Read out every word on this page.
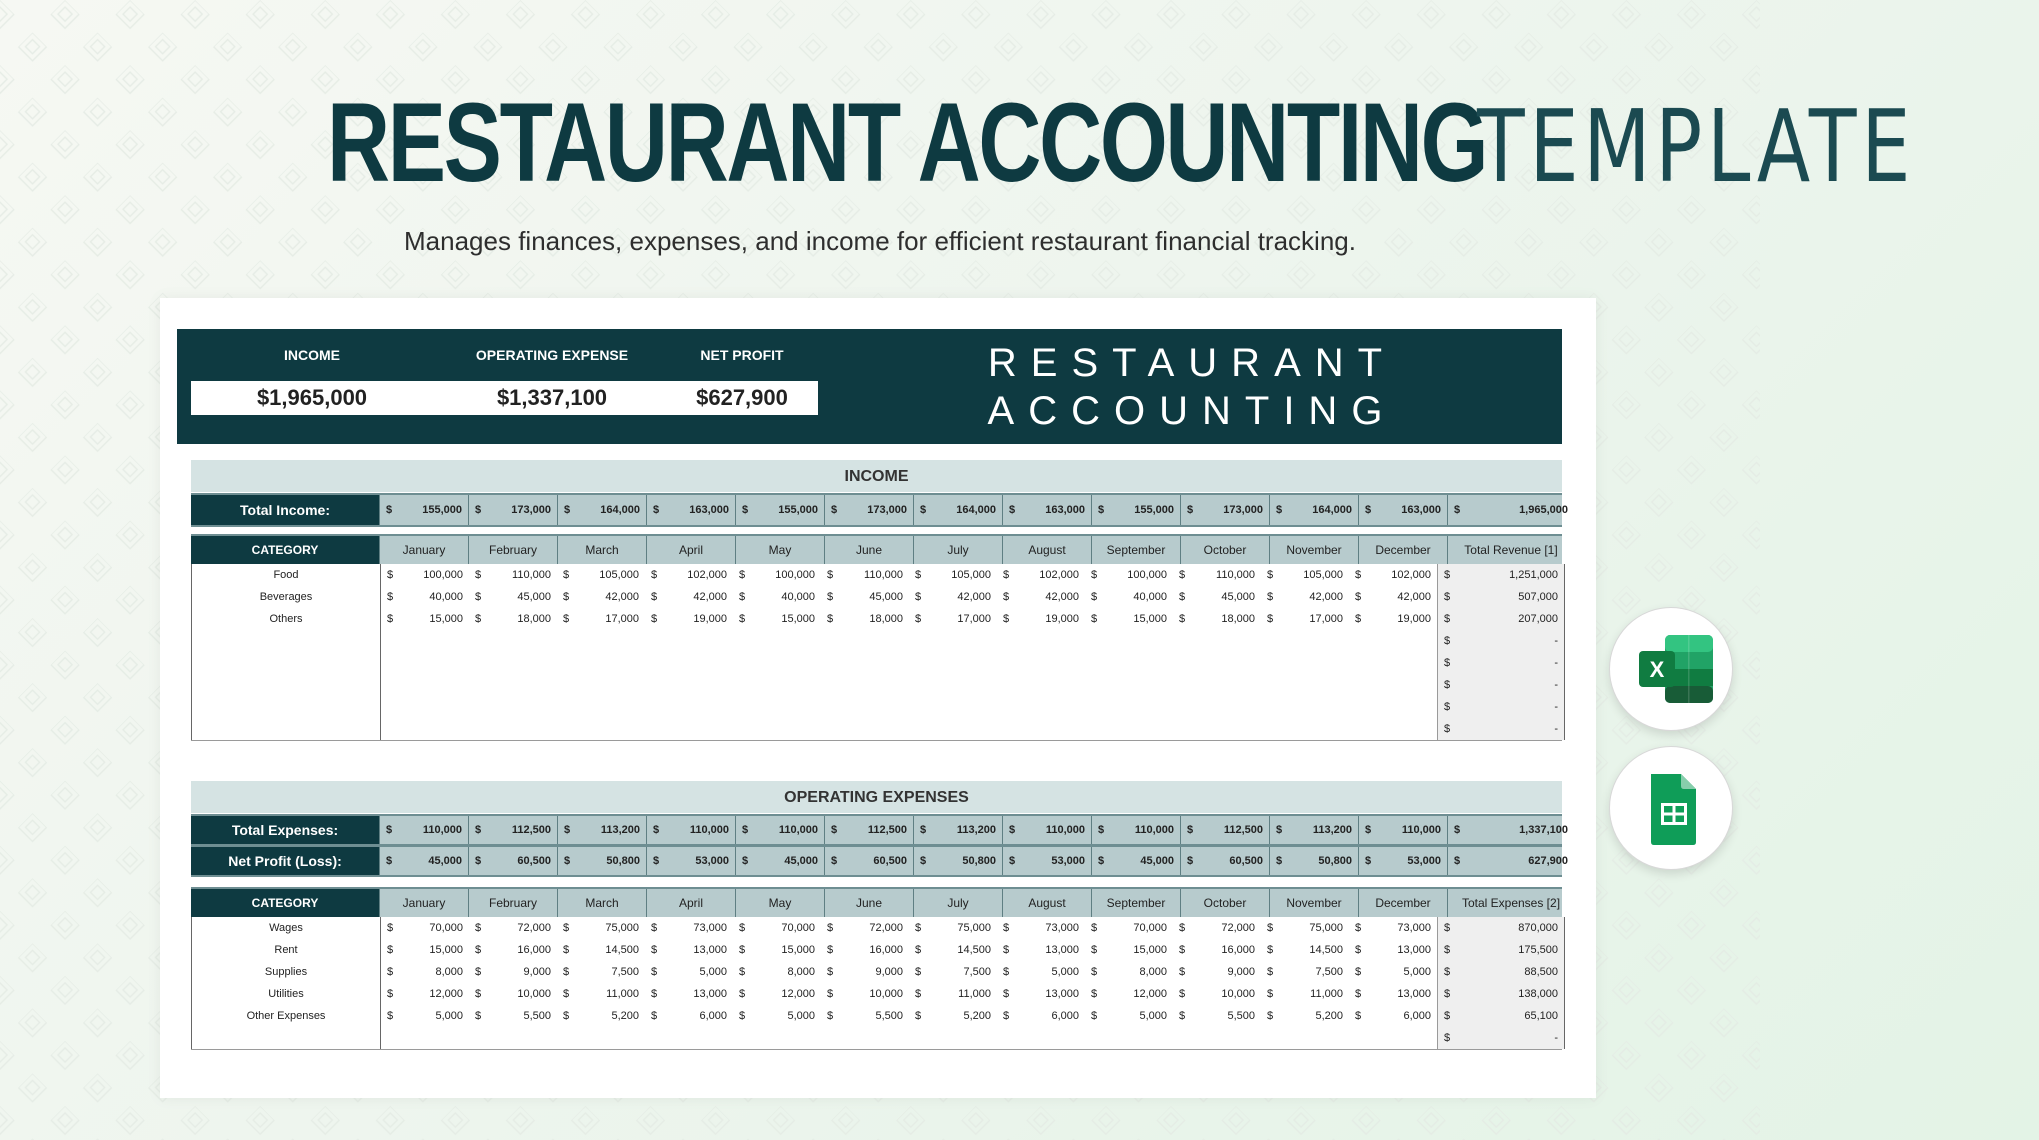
RESTAURANT ACCOUNTING TEMPLATE
Manages finances, expenses, and income for efficient restaurant financial tracking.
INCOME	OPERATING EXPENSE	NET PROFIT
$1,965,000	$1,337,100	$627,900
RESTAURANT
ACCOUNTING
INCOME
Total Income:	$	155,000 $	173,000 $	164,000 $	163,000 $	155,000 $	173,000 $	164,000 $	163,000 $	155,000 $	173,000 $	164,000 $	163,000 $	1,965,000
CATEGORY	January	February	March	April	May	June	July	August	September	October	November	December	Total Revenue [1]
Food	$	100,000 $	110,000 $	105,000 $	102,000 $	100,000 $	110,000 $	105,000 $	102,000 $	100,000 $	110,000 $	105,000 $	102,000 $	1,251,000
Beverages	$	40,000 $	45,000 $	42,000 $	42,000 $	40,000 $	45,000 $	42,000 $	42,000 $	40,000 $	45,000 $	42,000 $	42,000 $	507,000
Others	$	15,000 $	18,000 $	17,000 $	19,000 $	15,000 $	18,000 $	17,000 $	19,000 $	15,000 $	18,000 $	17,000 $	19,000 $	207,000
$	-
$	-
$	-
$	-
$	-
OPERATING EXPENSES
Total Expenses:	$	110,000 $	112,500 $	113,200 $	110,000 $	110,000 $	112,500 $	113,200 $	110,000 $	110,000 $	112,500 $	113,200 $	110,000 $	1,337,100
Net Profit (Loss):	$	45,000 $	60,500 $	50,800 $	53,000 $	45,000 $	60,500 $	50,800 $	53,000 $	45,000 $	60,500 $	50,800 $	53,000 $	627,900
CATEGORY	January	February	March	April	May	June	July	August	September	October	November	December	Total Expenses [2]
Wages	$	70,000 $	72,000 $	75,000 $	73,000 $	70,000 $	72,000 $	75,000 $	73,000 $	70,000 $	72,000 $	75,000 $	73,000 $	870,000
Rent	$	15,000 $	16,000 $	14,500 $	13,000 $	15,000 $	16,000 $	14,500 $	13,000 $	15,000 $	16,000 $	14,500 $	13,000 $	175,500
Supplies	$	8,000 $	9,000 $	7,500 $	5,000 $	8,000 $	9,000 $	7,500 $	5,000 $	8,000 $	9,000 $	7,500 $	5,000 $	88,500
Utilities	$	12,000 $	10,000 $	11,000 $	13,000 $	12,000 $	10,000 $	11,000 $	13,000 $	12,000 $	10,000 $	11,000 $	13,000 $	138,000
Other Expenses	$	5,000 $	5,500 $	5,200 $	6,000 $	5,000 $	5,500 $	5,200 $	6,000 $	5,000 $	5,500 $	5,200 $	6,000 $	65,100
$	-
X
